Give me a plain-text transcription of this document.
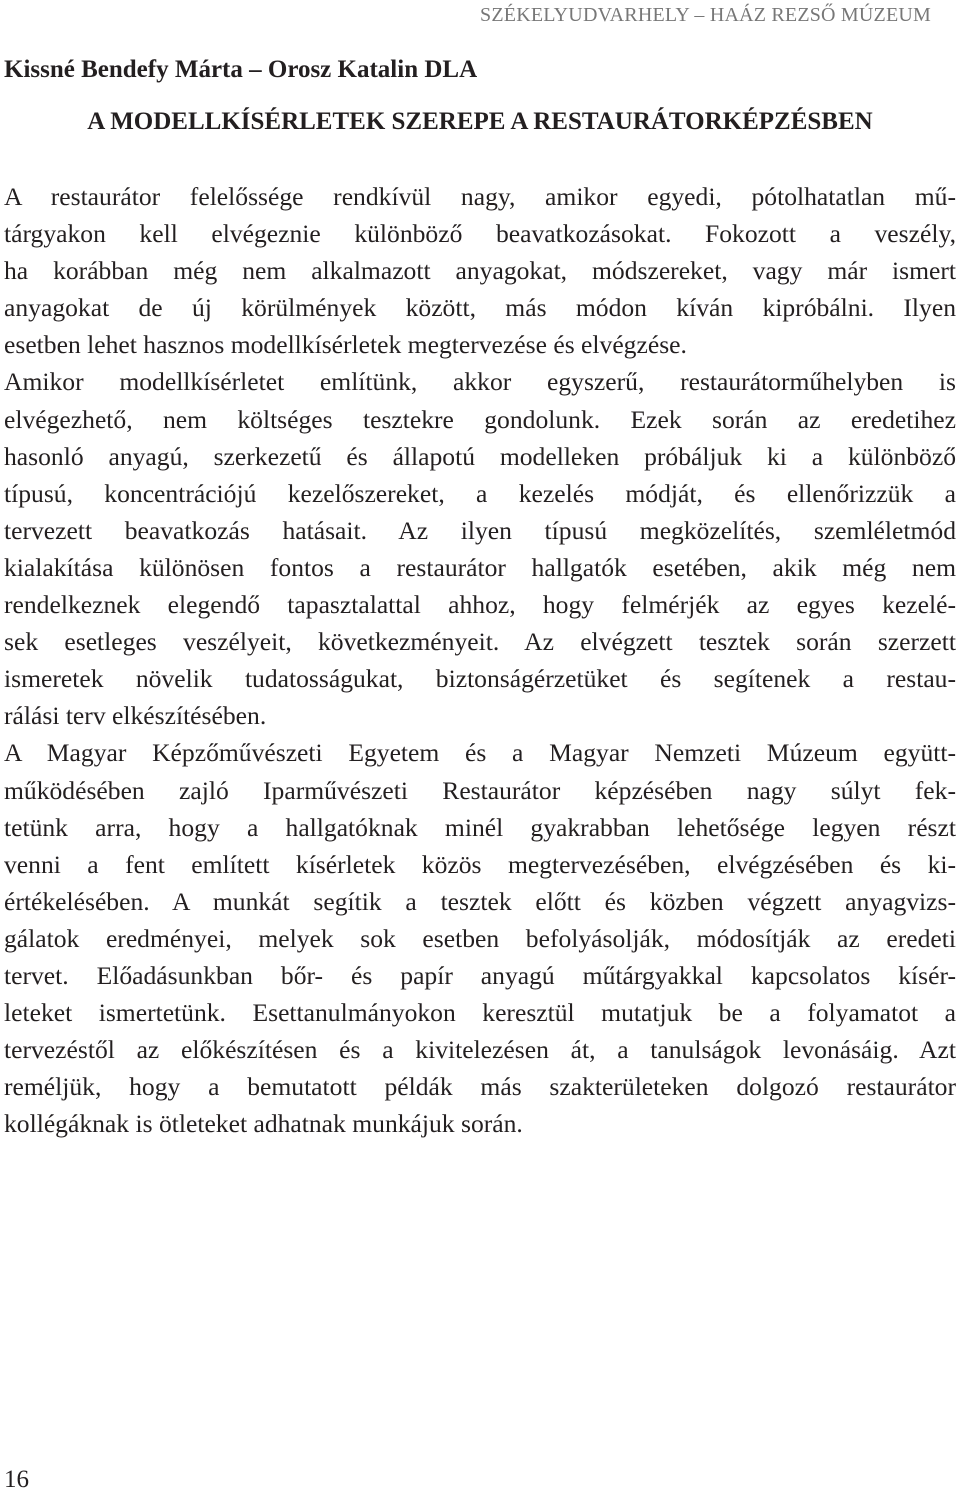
SZÉKELYUDVARHELY – HAÁZ REZSŐ MÚZEUM
Kissné Bendefy Márta – Orosz Katalin DLA
A MODELLKÍSÉRLETEK SZEREPE A RESTAURÁTORKÉPZÉSBEN
A restaurátor felelőssége rendkívül nagy, amikor egyedi, pótolhatatlan mű-
tárgyakon kell elvégeznie különböző beavatkozásokat. Fokozott a veszély,
ha korábban még nem alkalmazott anyagokat, módszereket, vagy már ismert
anyagokat de új körülmények között, más módon kíván kipróbálni. Ilyen
esetben lehet hasznos modellkísérletek megtervezése és elvégzése.
Amikor modellkísérletet említünk, akkor egyszerű, restaurátorműhelyben is
elvégezhető, nem költséges tesztekre gondolunk. Ezek során az eredetihez
hasonló anyagú, szerkezetű és állapotú modelleken próbáljuk ki a különböző
típusú, koncentrációjú kezelőszereket, a kezelés módját, és ellenőrizzük a
tervezett beavatkozás hatásait. Az ilyen típusú megközelítés, szemléletmód
kialakítása különösen fontos a restaurátor hallgatók esetében, akik még nem
rendelkeznek elegendő tapasztalattal ahhoz, hogy felmérjék az egyes kezelé-
sek esetleges veszélyeit, következményeit. Az elvégzett tesztek során szerzett
ismeretek növelik tudatosságukat, biztonságérzetüket és segítenek a restau-
rálási terv elkészítésében.
A Magyar Képzőművészeti Egyetem és a Magyar Nemzeti Múzeum együtt-
működésében zajló Iparművészeti Restaurátor képzésében nagy súlyt fek-
tetünk arra, hogy a hallgatóknak minél gyakrabban lehetősége legyen részt
venni a fent említett kísérletek közös megtervezésében, elvégzésében és ki-
értékelésében. A munkát segítik a tesztek előtt és közben végzett anyagvizs-
gálatok eredményei, melyek sok esetben befolyásolják, módosítják az eredeti
tervet. Előadásunkban bőr- és papír anyagú műtárgyakkal kapcsolatos kísér-
leteket ismertetünk. Esettanulmányokon keresztül mutatjuk be a folyamatot a
tervezéstől az előkészítésen és a kivitelezésen át, a tanulságok levonásáig. Azt
reméljük, hogy a bemutatott példák más szakterületeken dolgozó restaurátor
kollégáknak is ötleteket adhatnak munkájuk során.
16
